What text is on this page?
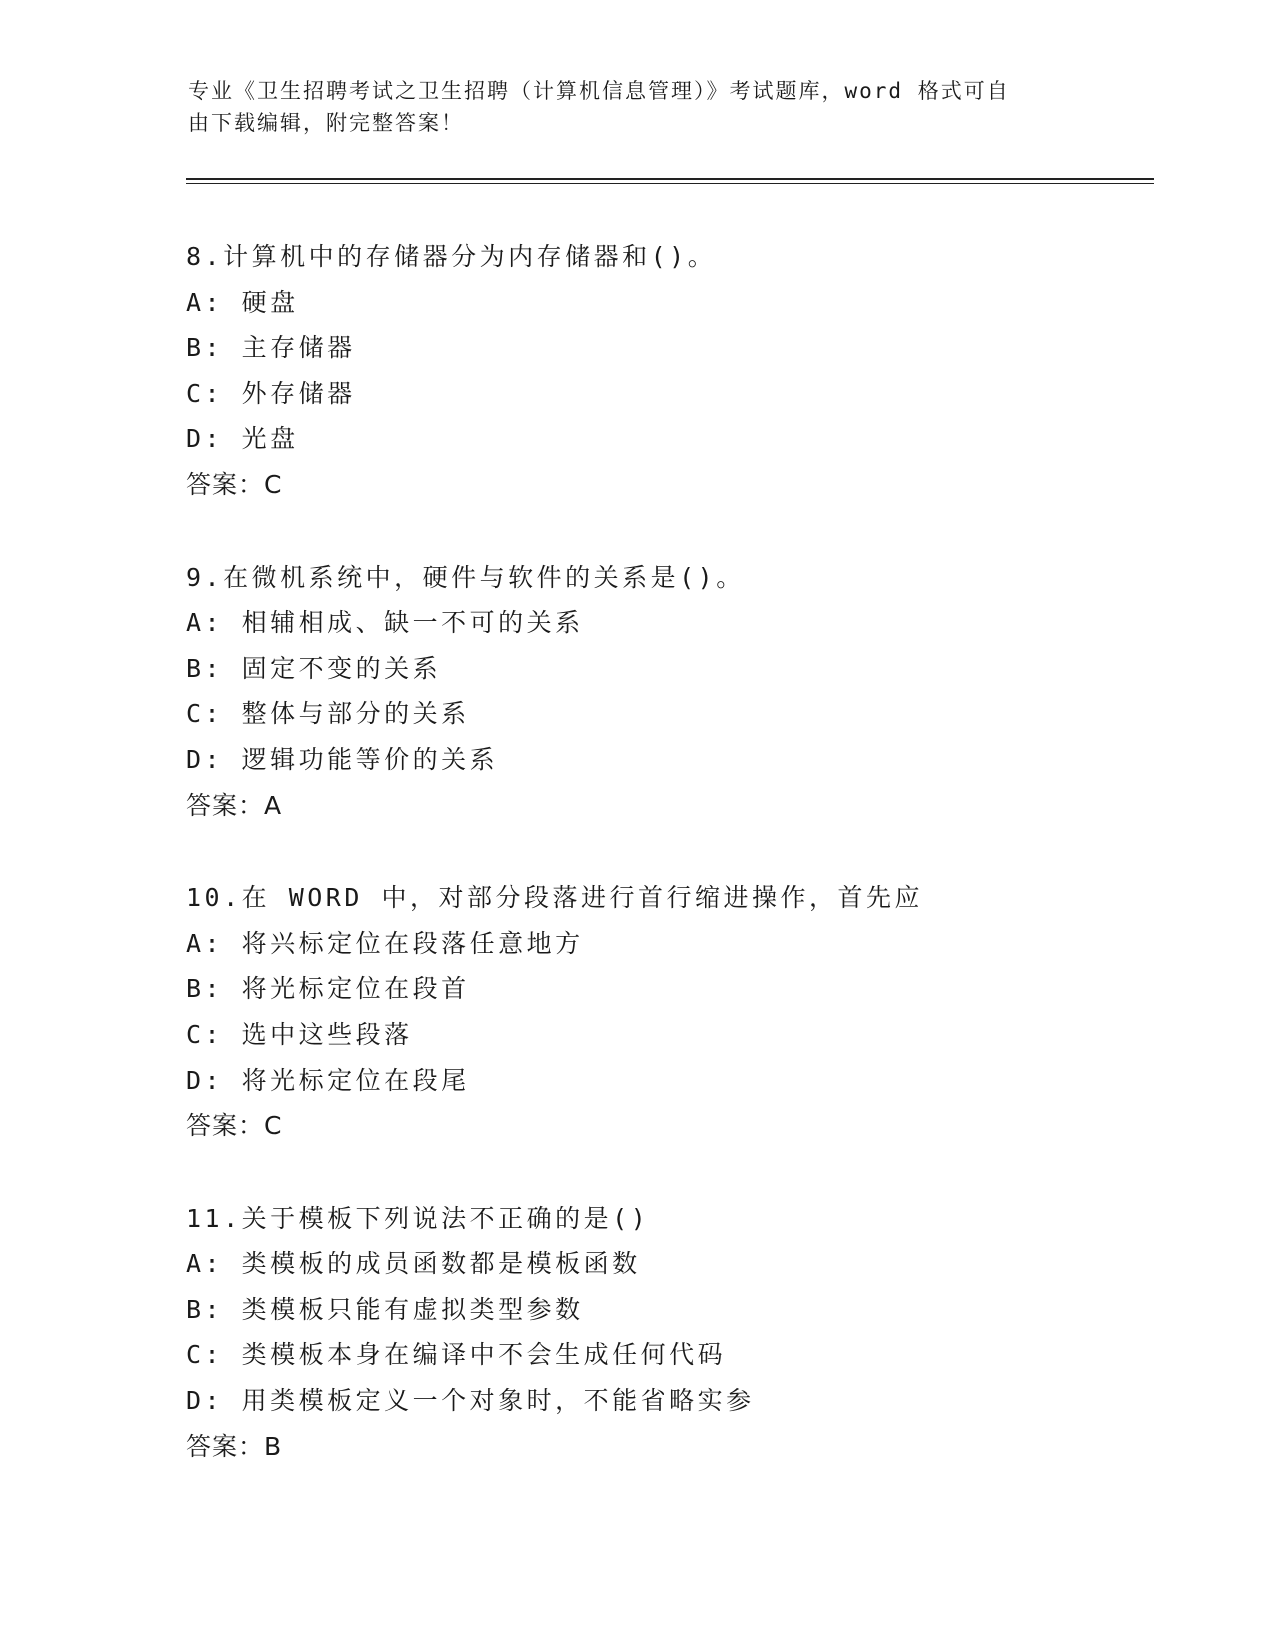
专业《卫生招聘考试之卫生招聘（计算机信息管理）》考试题库，word 格式可自
由下载编辑，附完整答案！
8.计算机中的存储器分为内存储器和()。
A: 硬盘
B: 主存储器
C: 外存储器
D: 光盘
答案：C
9.在微机系统中，硬件与软件的关系是()。
A: 相辅相成、缺一不可的关系
B: 固定不变的关系
C: 整体与部分的关系
D: 逻辑功能等价的关系
答案：A
10.在 WORD 中，对部分段落进行首行缩进操作，首先应
A: 将兴标定位在段落任意地方
B: 将光标定位在段首
C: 选中这些段落
D: 将光标定位在段尾
答案：C
11.关于模板下列说法不正确的是()
A: 类模板的成员函数都是模板函数
B: 类模板只能有虚拟类型参数
C: 类模板本身在编译中不会生成任何代码
D: 用类模板定义一个对象时，不能省略实参
答案：B
